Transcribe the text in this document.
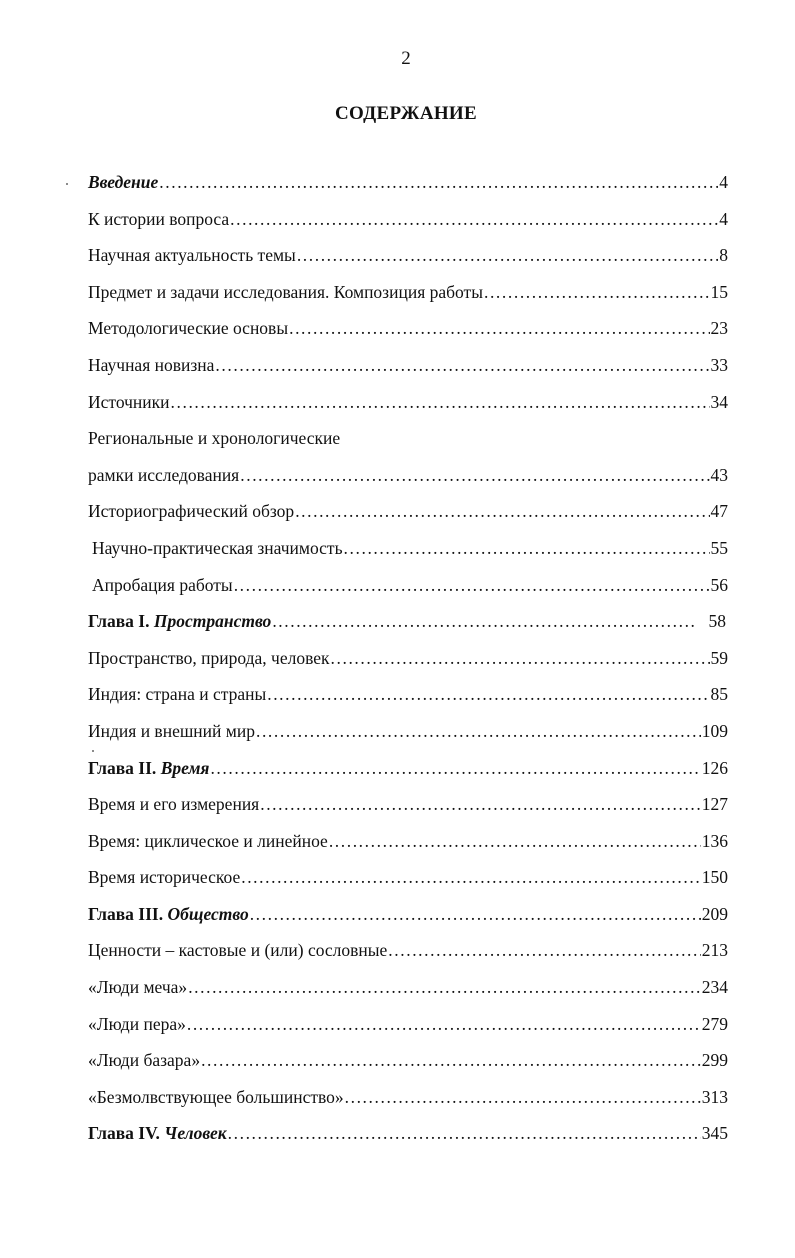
2
СОДЕРЖАНИЕ
Введение .....	4
К истории вопроса .....	4
Научная актуальность темы .....	8
Предмет и задачи исследования. Композиция работы .....	15
Методологические основы .....	23
Научная новизна .....	33
Источники .....	34
Региональные и хронологические
рамки исследования .....	43
Историографический обзор .....	47
Научно-практическая значимость .....	55
Апробация работы .....	56
Глава I. Пространство .....	58
Пространство, природа, человек .....	59
Индия: страна и страны .....	85
Индия и внешний мир .....	109
Глава II. Время .....	126
Время и его измерения .....	127
Время: циклическое и линейное .....	136
Время историческое .....	150
Глава III. Общество .....	209
Ценности – кастовые и (или) сословные .....	213
«Люди меча» .....	234
«Люди пера» .....	279
«Люди базара» .....	299
«Безмолвствующее большинство» .....	313
Глава IV. Человек .....	345
